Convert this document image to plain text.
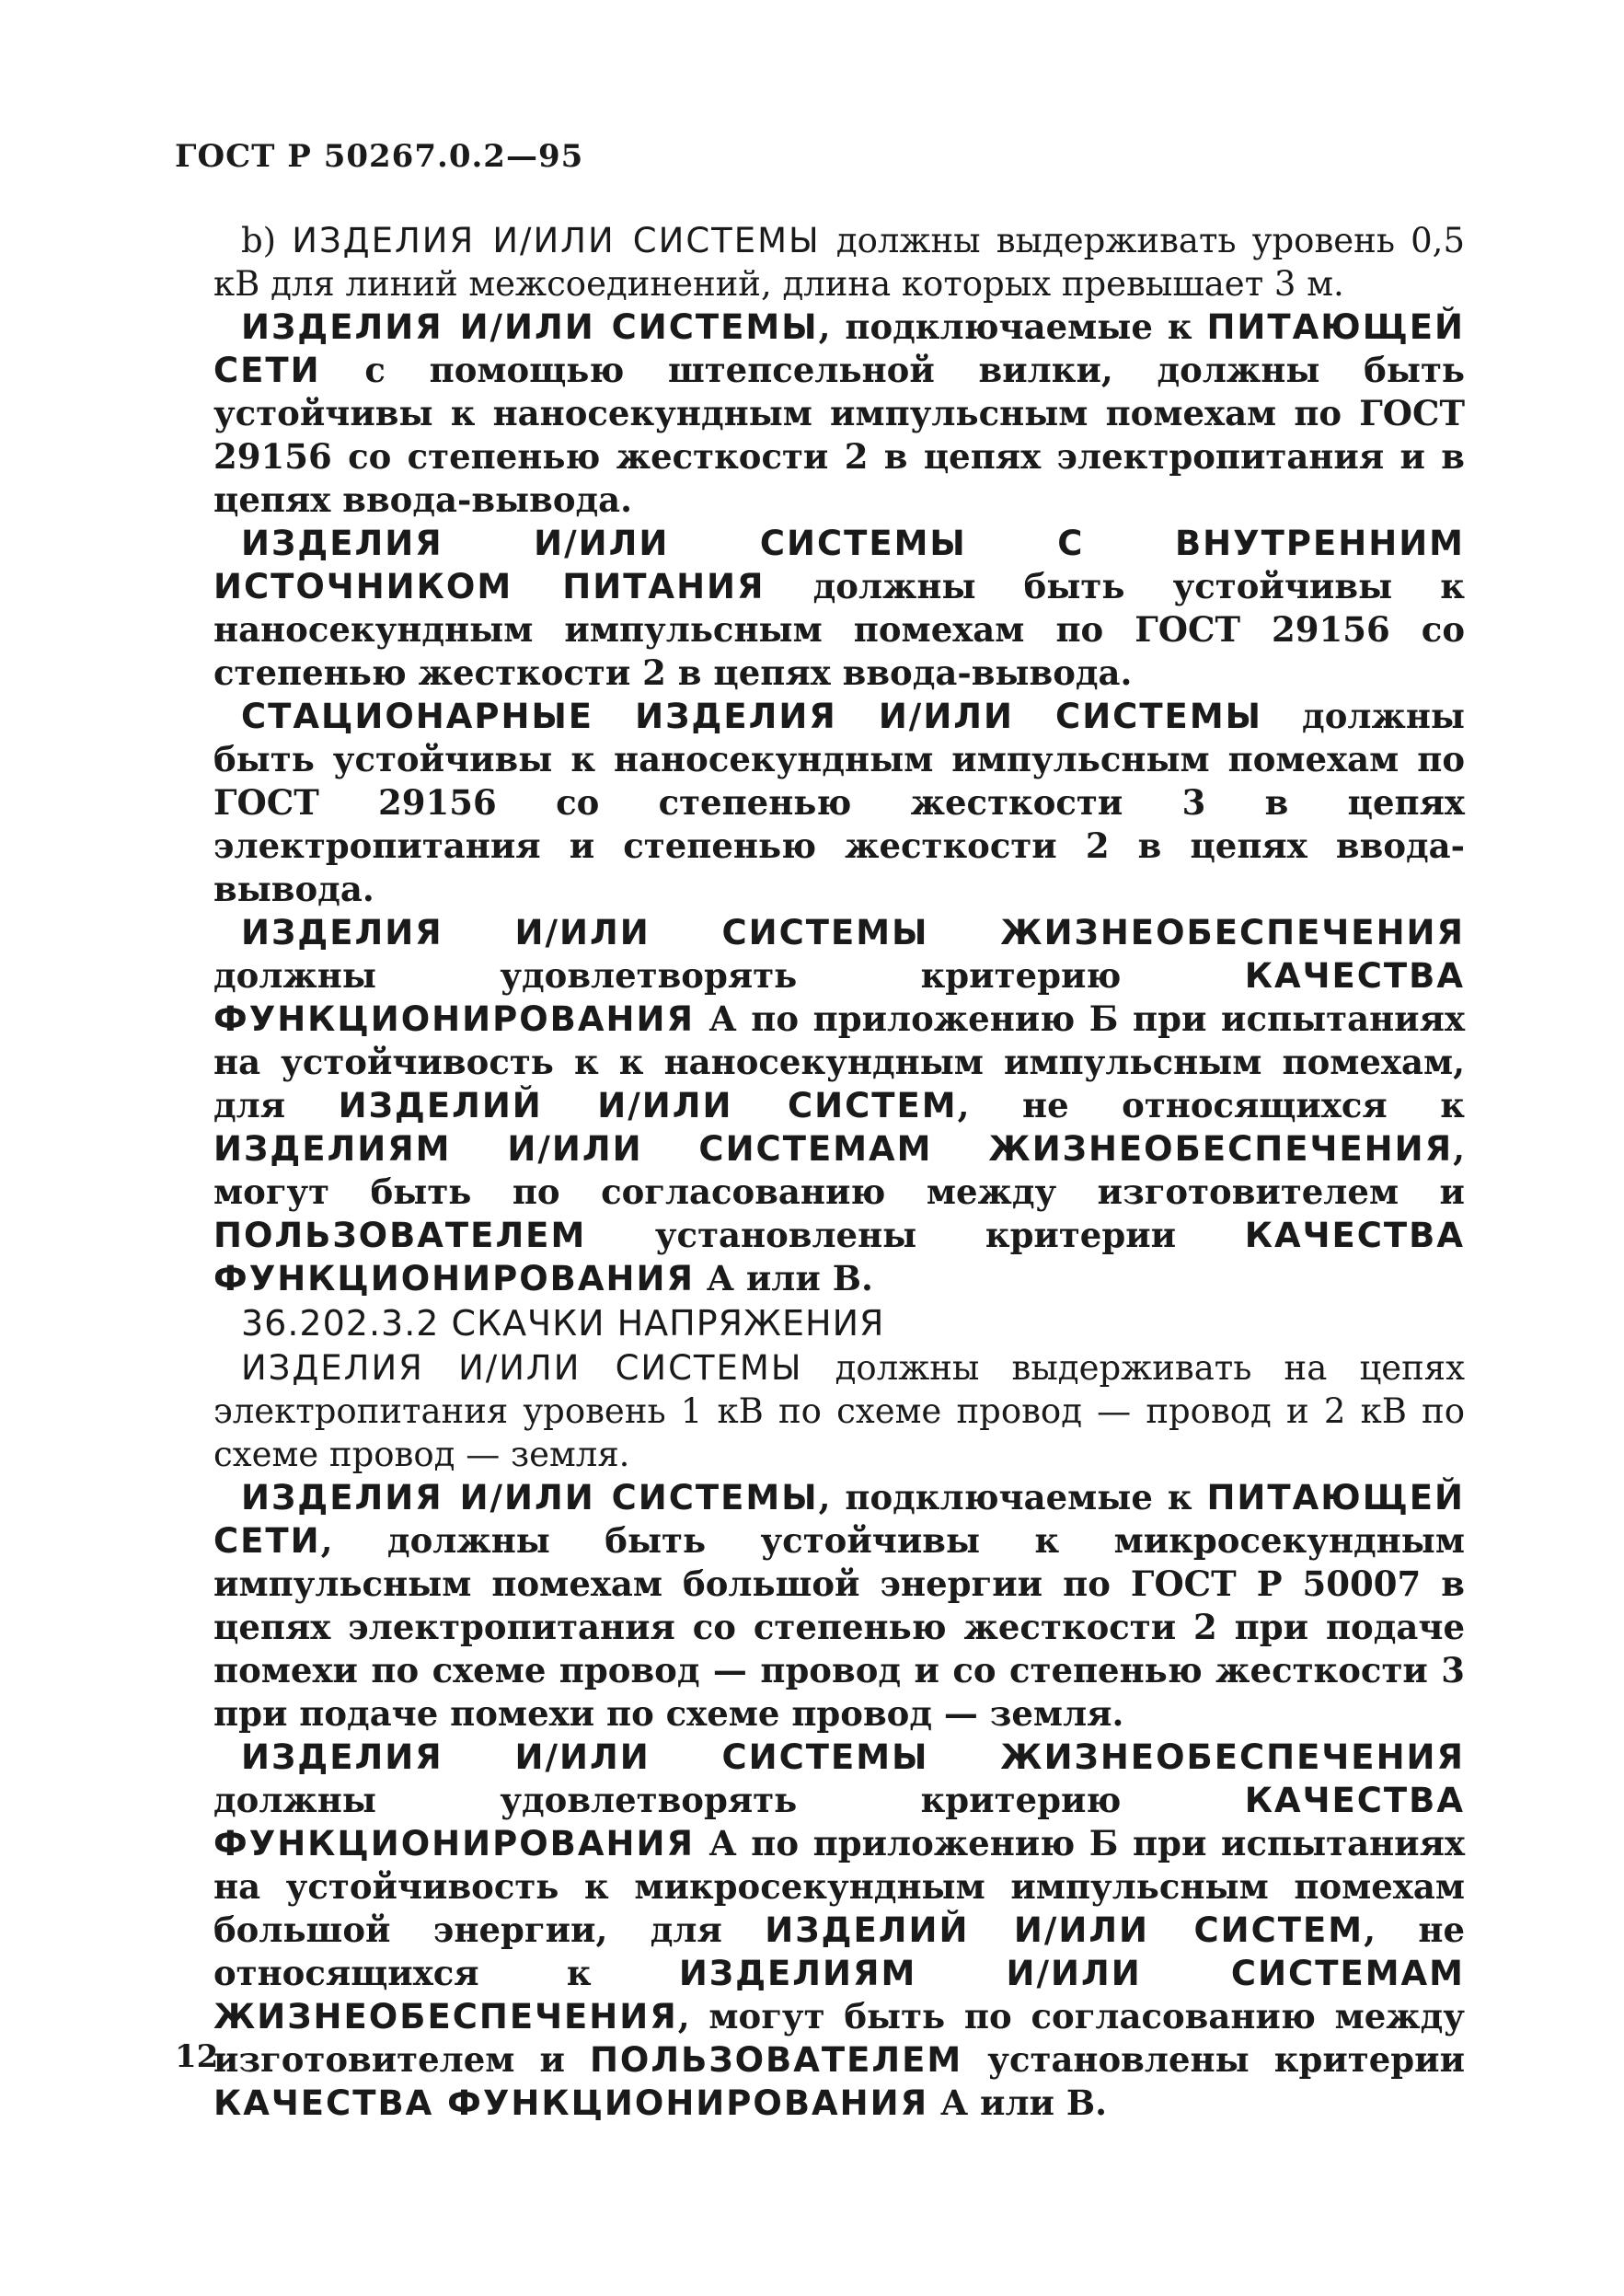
ГОСТ Р 50267.0.2—95

b) ИЗДЕЛИЯ И/ИЛИ СИСТЕМЫ должны выдерживать уровень 0,5 кВ для линий межсоединений, длина которых превышает 3 м.

ИЗДЕЛИЯ И/ИЛИ СИСТЕМЫ, подключаемые к ПИТАЮЩЕЙ СЕТИ с помощью штепсельной вилки, должны быть устойчивы к наносекундным импульсным помехам по ГОСТ 29156 со степенью жесткости 2 в цепях электропитания и в цепях ввода-вывода.

ИЗДЕЛИЯ И/ИЛИ СИСТЕМЫ С ВНУТРЕННИМ ИСТОЧНИКОМ ПИТАНИЯ должны быть устойчивы к наносекундным импульсным помехам по ГОСТ 29156 со степенью жесткости 2 в цепях ввода-вывода.

СТАЦИОНАРНЫЕ ИЗДЕЛИЯ И/ИЛИ СИСТЕМЫ должны быть устойчивы к наносекундным импульсным помехам по ГОСТ 29156 со степенью жесткости 3 в цепях электропитания и степенью жесткости 2 в цепях ввода-вывода.

ИЗДЕЛИЯ И/ИЛИ СИСТЕМЫ ЖИЗНЕОБЕСПЕЧЕНИЯ должны удовлетворять критерию КАЧЕСТВА ФУНКЦИОНИРОВАНИЯ А по приложению Б при испытаниях на устойчивость к к наносекундным импульсным помехам, для ИЗДЕЛИЙ И/ИЛИ СИСТЕМ, не относящихся к ИЗДЕЛИЯМ И/ИЛИ СИСТЕМАМ ЖИЗНЕОБЕСПЕЧЕНИЯ, могут быть по согласованию между изготовителем и ПОЛЬЗОВАТЕЛЕМ установлены критерии КАЧЕСТВА ФУНКЦИОНИРОВАНИЯ А или В.

36.202.3.2 СКАЧКИ НАПРЯЖЕНИЯ

ИЗДЕЛИЯ И/ИЛИ СИСТЕМЫ должны выдерживать на цепях электропитания уровень 1 кВ по схеме провод — провод и 2 кВ по схеме провод — земля.

ИЗДЕЛИЯ И/ИЛИ СИСТЕМЫ, подключаемые к ПИТАЮЩЕЙ СЕТИ, должны быть устойчивы к микросекундным импульсным помехам большой энергии по ГОСТ Р 50007 в цепях электропитания со степенью жесткости 2 при подаче помехи по схеме провод — провод и со степенью жесткости 3 при подаче помехи по схеме провод — земля.

ИЗДЕЛИЯ И/ИЛИ СИСТЕМЫ ЖИЗНЕОБЕСПЕЧЕНИЯ должны удовлетворять критерию КАЧЕСТВА ФУНКЦИОНИРОВАНИЯ А по приложению Б при испытаниях на устойчивость к микросекундным импульсным помехам большой энергии, для ИЗДЕЛИЙ И/ИЛИ СИСТЕМ, не относящихся к ИЗДЕЛИЯМ И/ИЛИ СИСТЕМАМ ЖИЗНЕОБЕСПЕЧЕНИЯ, могут быть по согласованию между изготовителем и ПОЛЬЗОВАТЕЛЕМ установлены критерии КАЧЕСТВА ФУНКЦИОНИРОВАНИЯ А или В.

12
